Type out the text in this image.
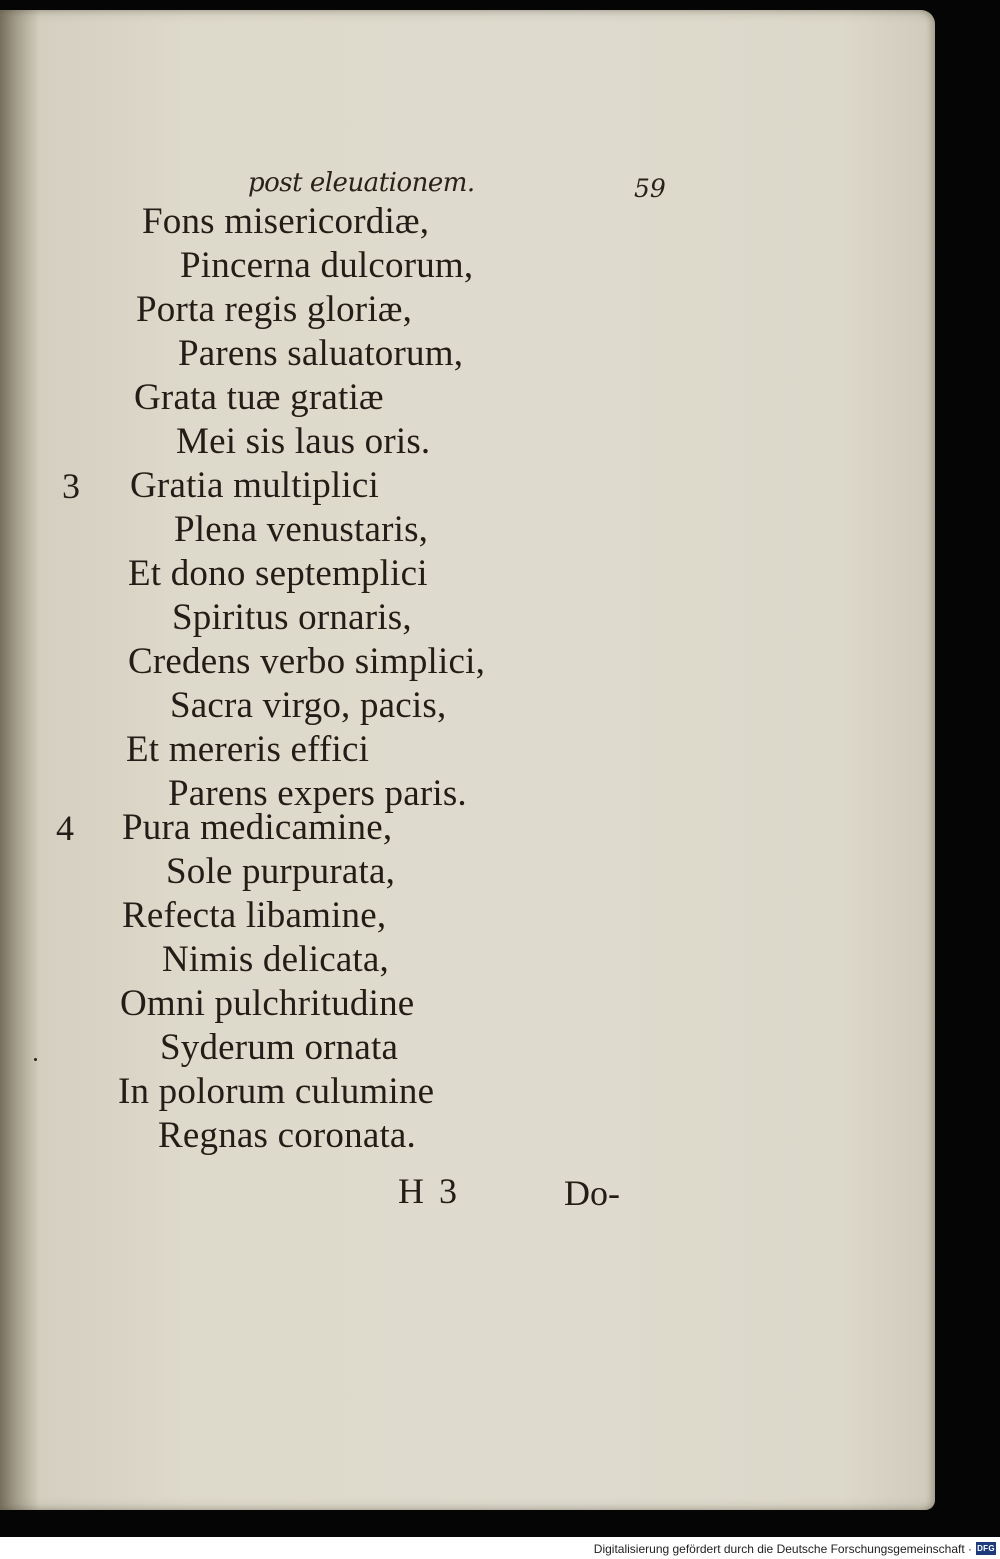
post eleuationem.	59
Fons misericordiæ,
Pincerna dulcorum,
Porta regis gloriæ,
Parens saluatorum,
Grata tuæ gratiæ
Mei sis laus oris.
3 Gratia multiplici
Plena venustaris,
Et dono septemplici
Spiritus ornaris,
Credens verbo simplici,
Sacra virgo, pacis,
Et mereris effici
Parens expers paris.
4 Pura medicamine,
Sole purpurata,
Refecta libamine,
Nimis delicata,
Omni pulchritudine
Syderum ornata
In polorum culumine
Regnas coronata.
H 3	Do-
Digitalisierung gefördert durch die Deutsche Forschungsgemeinschaft · DFG
